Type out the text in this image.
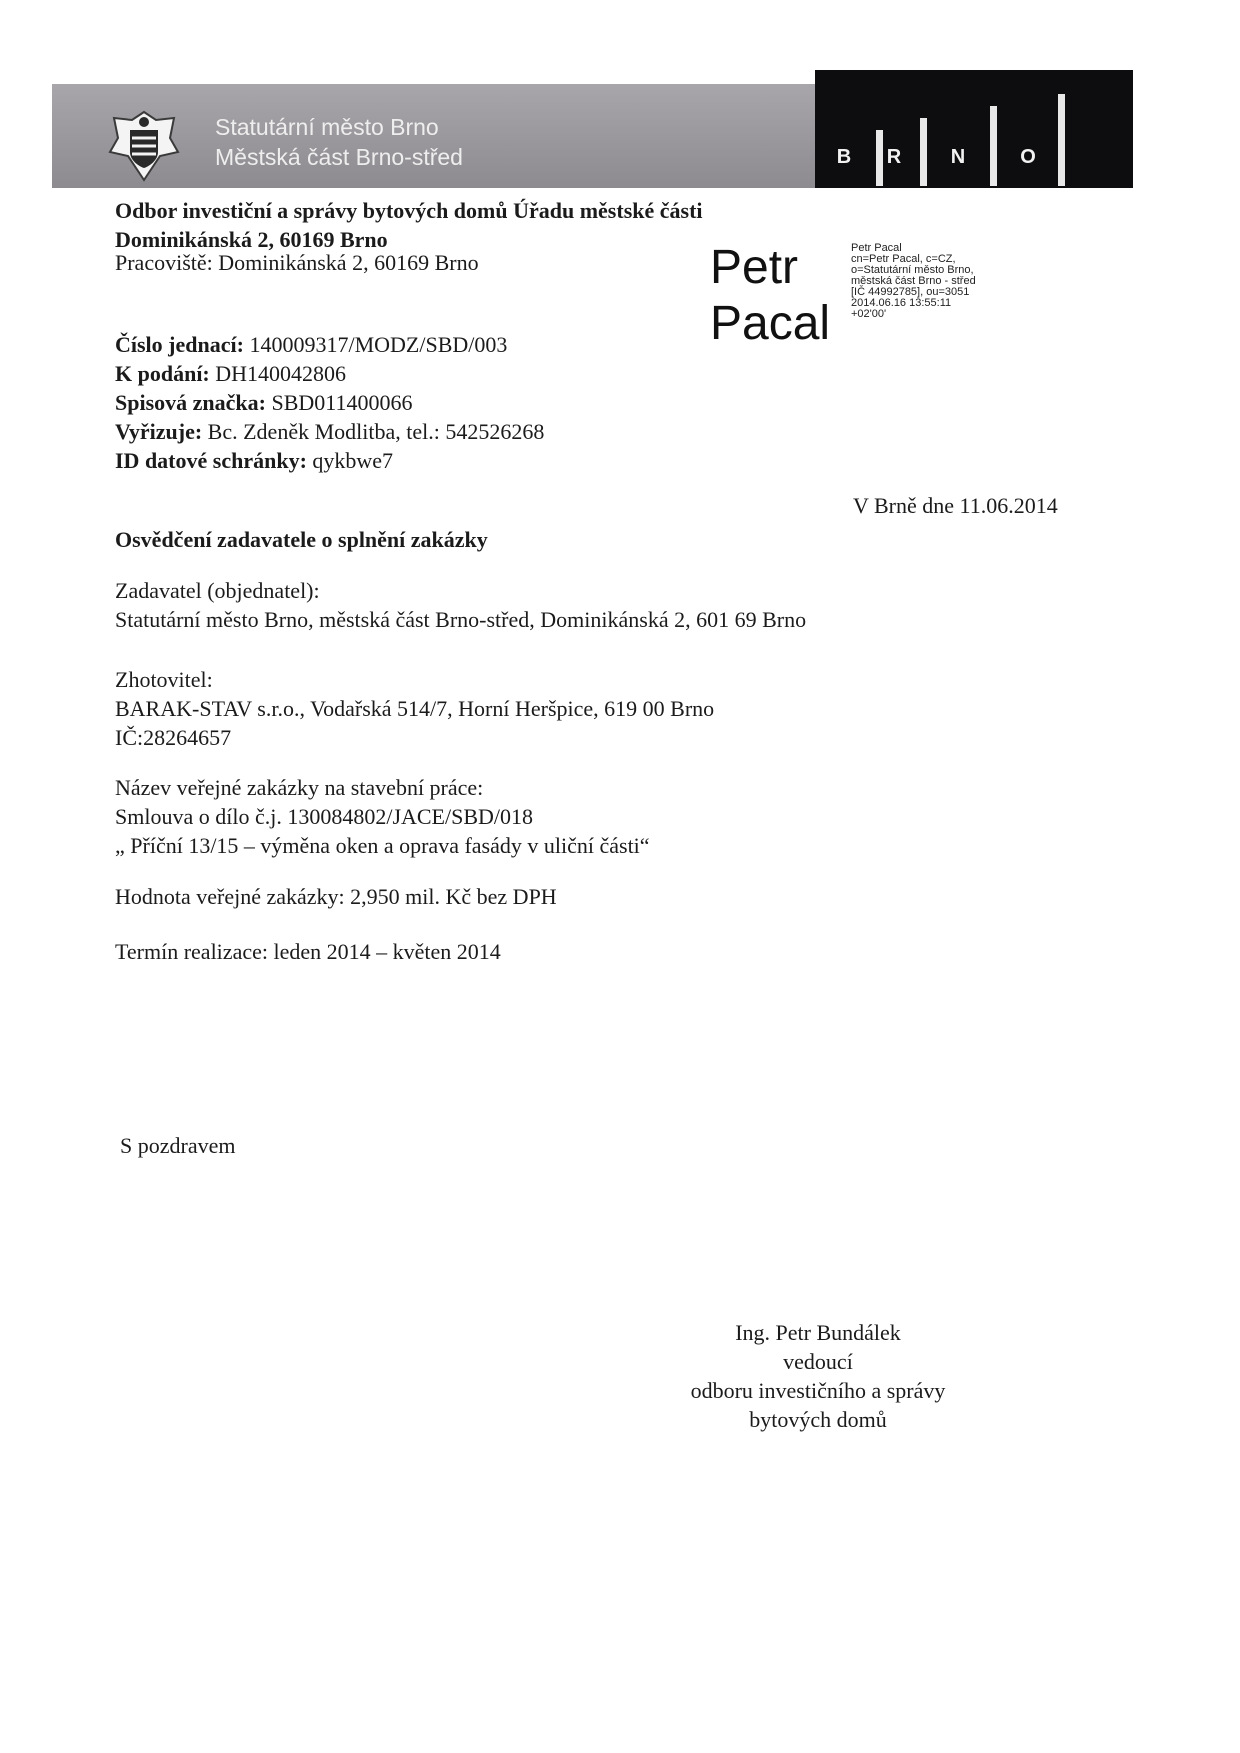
Statutární město Brno
Městská část Brno-střed	B	R	N	O
Odbor investiční a správy bytových domů Úřadu městské části
Dominikánská 2, 60169 Brno
Pracoviště: Dominikánská 2, 60169 Brno	Petr
Pacal
Petr Pacal
cn=Petr Pacal, c=CZ,
o=Statutární město Brno,
městská část Brno - střed
[IČ 44992785], ou=3051
2014.06.16 13:55:11
+02'00'
Číslo jednací: 140009317/MODZ/SBD/003
K podání: DH140042806
Spisová značka: SBD011400066
Vyřizuje: Bc. Zdeněk Modlitba, tel.: 542526268
ID datové schránky: qykbwe7
V Brně dne 11.06.2014
Osvědčení zadavatele o splnění zakázky
Zadavatel (objednatel):
Statutární město Brno, městská část Brno-střed, Dominikánská 2, 601 69 Brno
Zhotovitel:
BARAK-STAV s.r.o., Vodařská 514/7, Horní Heršpice, 619 00 Brno
IČ:28264657
Název veřejné zakázky na stavební práce:
Smlouva o dílo č.j. 130084802/JACE/SBD/018
„ Příční 13/15 – výměna oken a oprava fasády v uliční části“
Hodnota veřejné zakázky: 2,950 mil. Kč bez DPH
Termín realizace: leden 2014 – květen 2014
S pozdravem
Ing. Petr Bundálek
vedoucí
odboru investičního a správy
bytových domů
